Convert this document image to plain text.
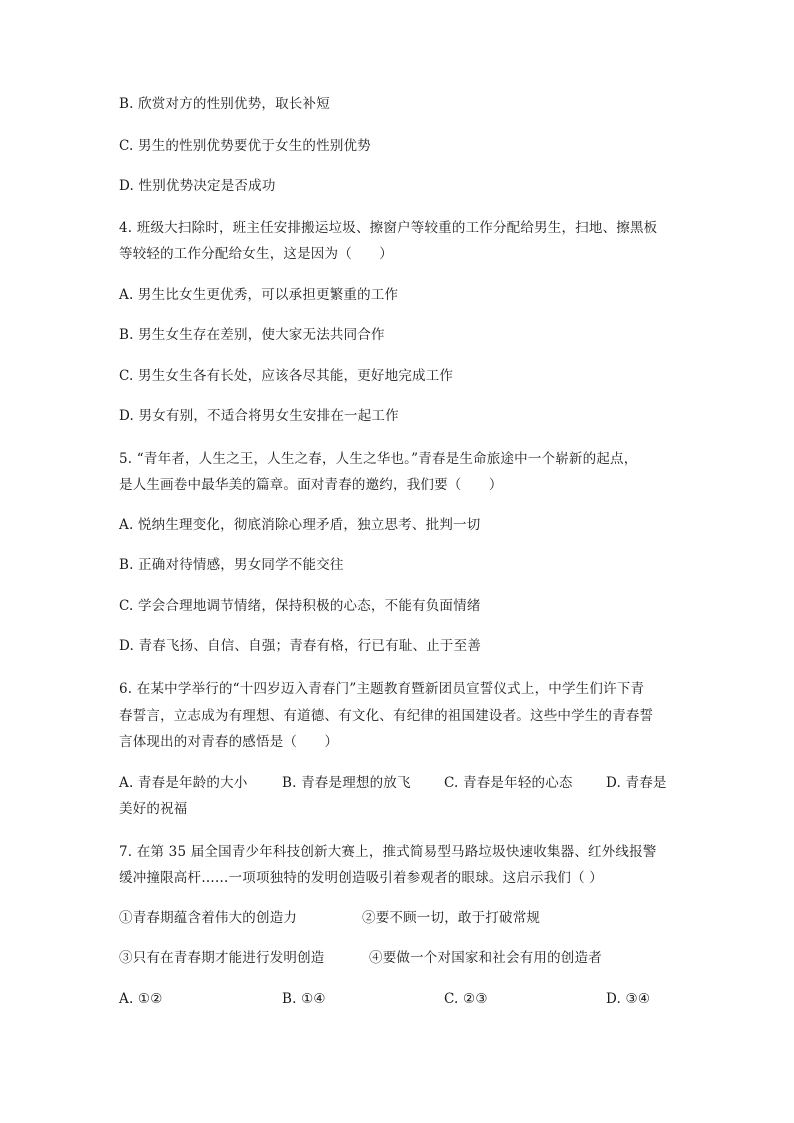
B. 欣赏对方的性别优势，取长补短
C. 男生的性别优势要优于女生的性别优势
D. 性别优势决定是否成功
4. 班级大扫除时，班主任安排搬运垃圾、擦窗户等较重的工作分配给男生，扫地、擦黑板
等较轻的工作分配给女生，这是因为（　　）
A. 男生比女生更优秀，可以承担更繁重的工作
B. 男生女生存在差别，使大家无法共同合作
C. 男生女生各有长处，应该各尽其能，更好地完成工作
D. 男女有别，不适合将男女生安排在一起工作
5. “青年者，人生之王，人生之春，人生之华也。”青春是生命旅途中一个崭新的起点，
是人生画卷中最华美的篇章。面对青春的邀约，我们要（　　）
A. 悦纳生理变化，彻底消除心理矛盾，独立思考、批判一切
B. 正确对待情感，男女同学不能交往
C. 学会合理地调节情绪，保持积极的心态，不能有负面情绪
D. 青春飞扬、自信、自强；青春有格，行已有耻、止于至善
6. 在某中学举行的“十四岁迈入青春门”主题教育暨新团员宣誓仪式上，中学生们许下青
春誓言，立志成为有理想、有道德、有文化、有纪律的祖国建设者。这些中学生的青春誓
言体现出的对青春的感悟是（　　）
A. 青春是年龄的大小	B. 青春是理想的放飞 C. 青春是年轻的心态 D. 青春是
美好的祝福
7. 在第 35 届全国青少年科技创新大赛上，推式简易型马路垃圾快速收集器、红外线报警
缓冲撞限高杆……一项项独特的发明创造吸引着参观者的眼球。这启示我们（ ）
①青春期蕴含着伟大的创造力	②要不顾一切，敢于打破常规
③只有在青春期才能进行发明创造	④要做一个对国家和社会有用的创造者
A. ①②	B. ①④	C. ②③	D. ③④
